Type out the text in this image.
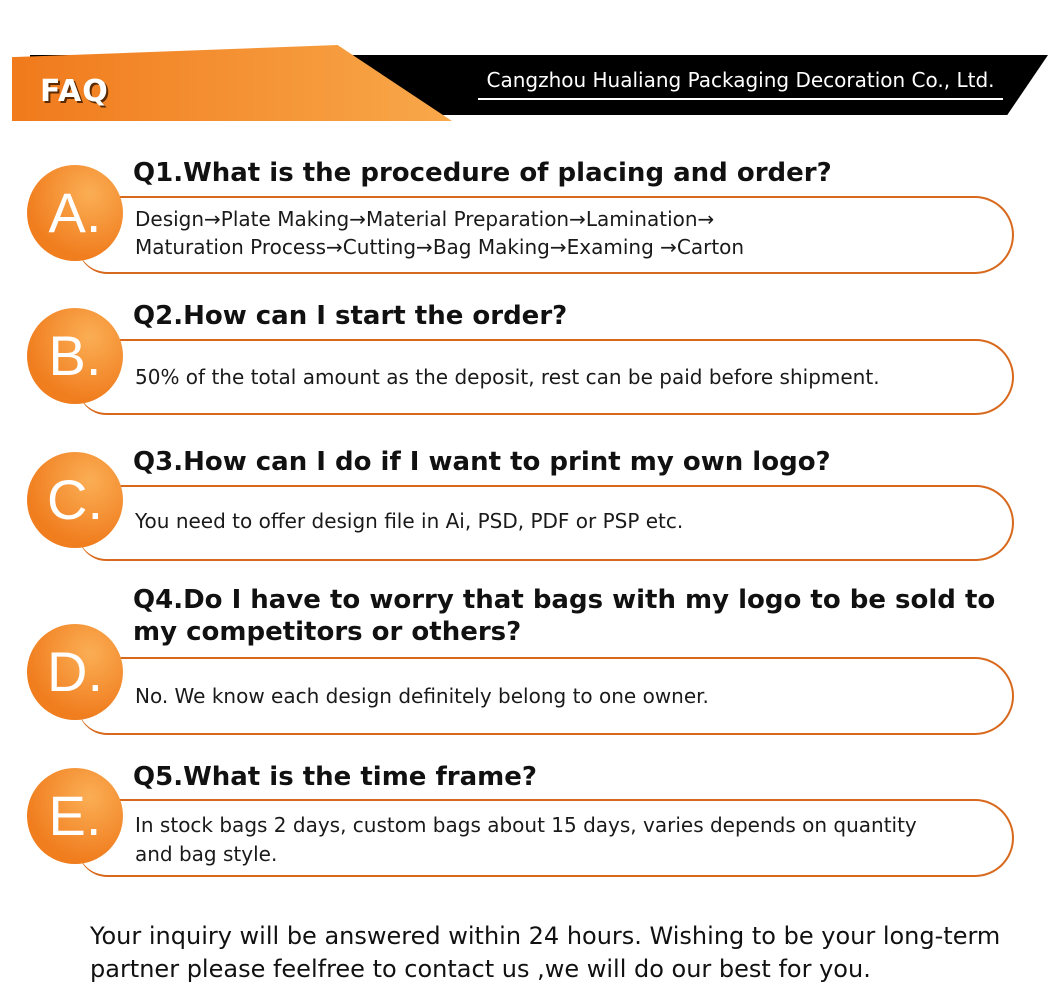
FAQ	Cangzhou Hualiang Packaging Decoration Co., Ltd.
Q1.What is the procedure of placing and order?
Design→Plate Making→Material Preparation→Lamination→
Maturation Process→Cutting→Bag Making→Examing →Carton
A.
Q2.How can I start the order?
50% of the total amount as the deposit, rest can be paid before shipment.
B.
Q3.How can I do if I want to print my own logo?
You need to offer design file in Ai, PSD, PDF or PSP etc.
C.
Q4.Do I have to worry that bags with my logo to be sold to
my competitors or others?
No. We know each design definitely belong to one owner.
D.
Q5.What is the time frame?
In stock bags 2 days, custom bags about 15 days, varies depends on quantity
and bag style.
E.
Your inquiry will be answered within 24 hours. Wishing to be your long-term
partner please feelfree to contact us ,we will do our best for you.
